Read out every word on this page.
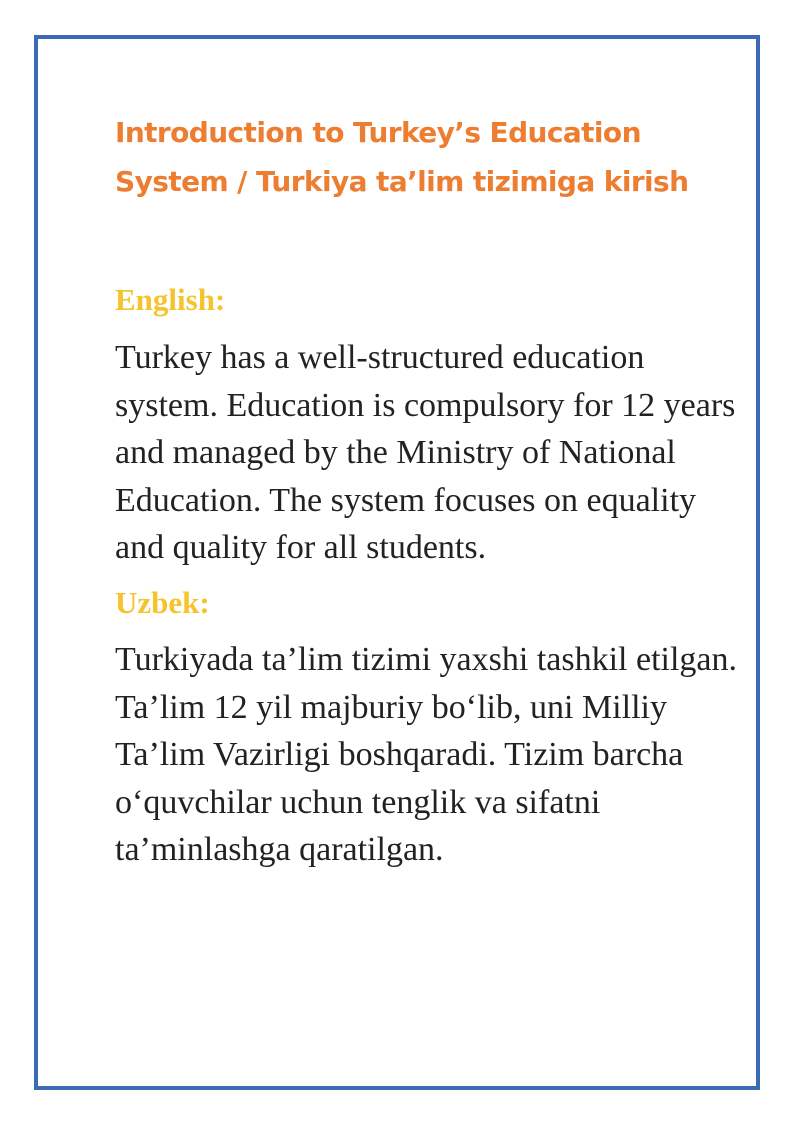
Introduction to Turkey’s Education System / Turkiya ta’lim tizimiga kirish
English:

Turkey has a well-structured education system. Education is compulsory for 12 years and managed by the Ministry of National Education. The system focuses on equality and quality for all students.

Uzbek:

Turkiyada ta’lim tizimi yaxshi tashkil etilgan. Ta’lim 12 yil majburiy bo‘lib, uni Milliy Ta’lim Vazirligi boshqaradi. Tizim barcha o‘quvchilar uchun tenglik va sifatni ta’minlashga qaratilgan.
